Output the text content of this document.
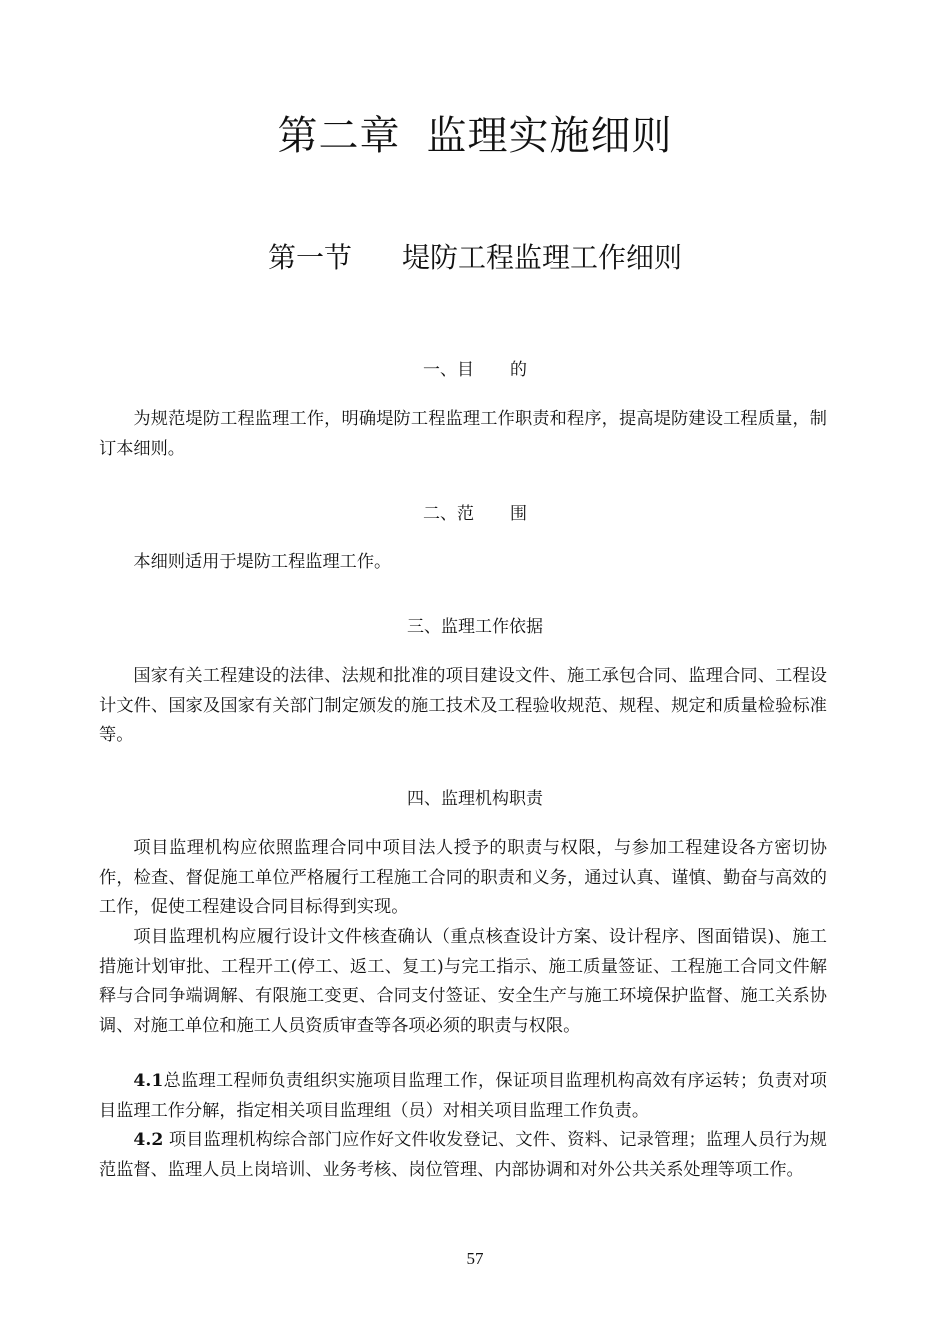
第二章 监理实施细则
第一节 堤防工程监理工作细则
一、目 的

为规范堤防工程监理工作，明确堤防工程监理工作职责和程序，提高堤防建设工程质量，制订本细则。

二、范 围

本细则适用于堤防工程监理工作。

三、监理工作依据

国家有关工程建设的法律、法规和批准的项目建设文件、施工承包合同、监理合同、工程设计文件、国家及国家有关部门制定颁发的施工技术及工程验收规范、规程、规定和质量检验标准等。

四、监理机构职责

项目监理机构应依照监理合同中项目法人授予的职责与权限，与参加工程建设各方密切协作，检查、督促施工单位严格履行工程施工合同的职责和义务，通过认真、谨慎、勤奋与高效的工作，促使工程建设合同目标得到实现。

项目监理机构应履行设计文件核查确认（重点核查设计方案、设计程序、图面错误)、施工措施计划审批、工程开工(停工、返工、复工)与完工指示、施工质量签证、工程施工合同文件解释与合同争端调解、有限施工变更、合同支付签证、安全生产与施工环境保护监督、施工关系协调、对施工单位和施工人员资质审查等各项必须的职责与权限。

4.1总监理工程师负责组织实施项目监理工作，保证项目监理机构高效有序运转；负责对项目监理工作分解，指定相关项目监理组（员）对相关项目监理工作负责。

4.2 项目监理机构综合部门应作好文件收发登记、文件、资料、记录管理；监理人员行为规范监督、监理人员上岗培训、业务考核、岗位管理、内部协调和对外公共关系处理等项工作。

57
